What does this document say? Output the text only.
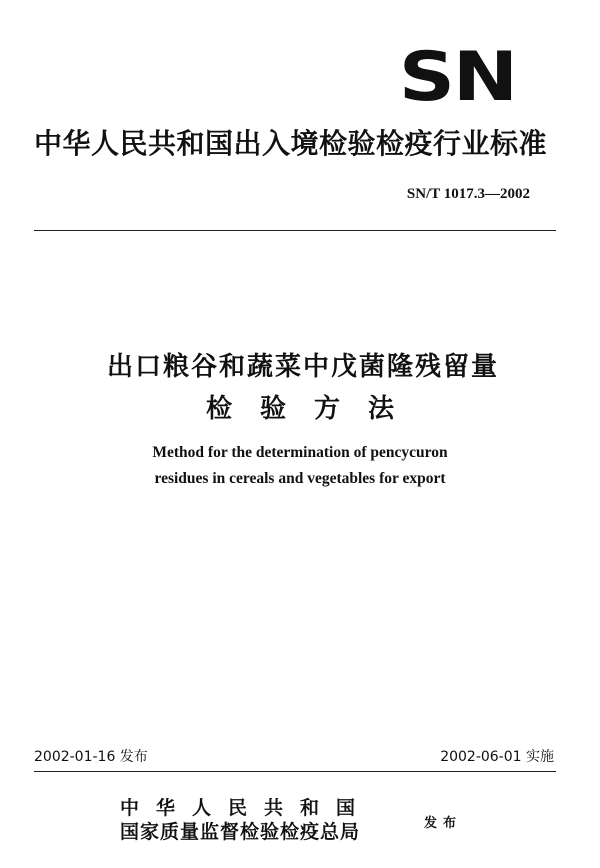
SN
中华人民共和国出入境检验检疫行业标准
SN/T 1017.3—2002
出口粮谷和蔬菜中戊菌隆残留量
检验方法
Method for the determination of pencycuron
residues in cereals and vegetables for export
2002-01-16 发布	2002-06-01 实施
中华人民共和国
国家质量监督检验检疫总局	发布
